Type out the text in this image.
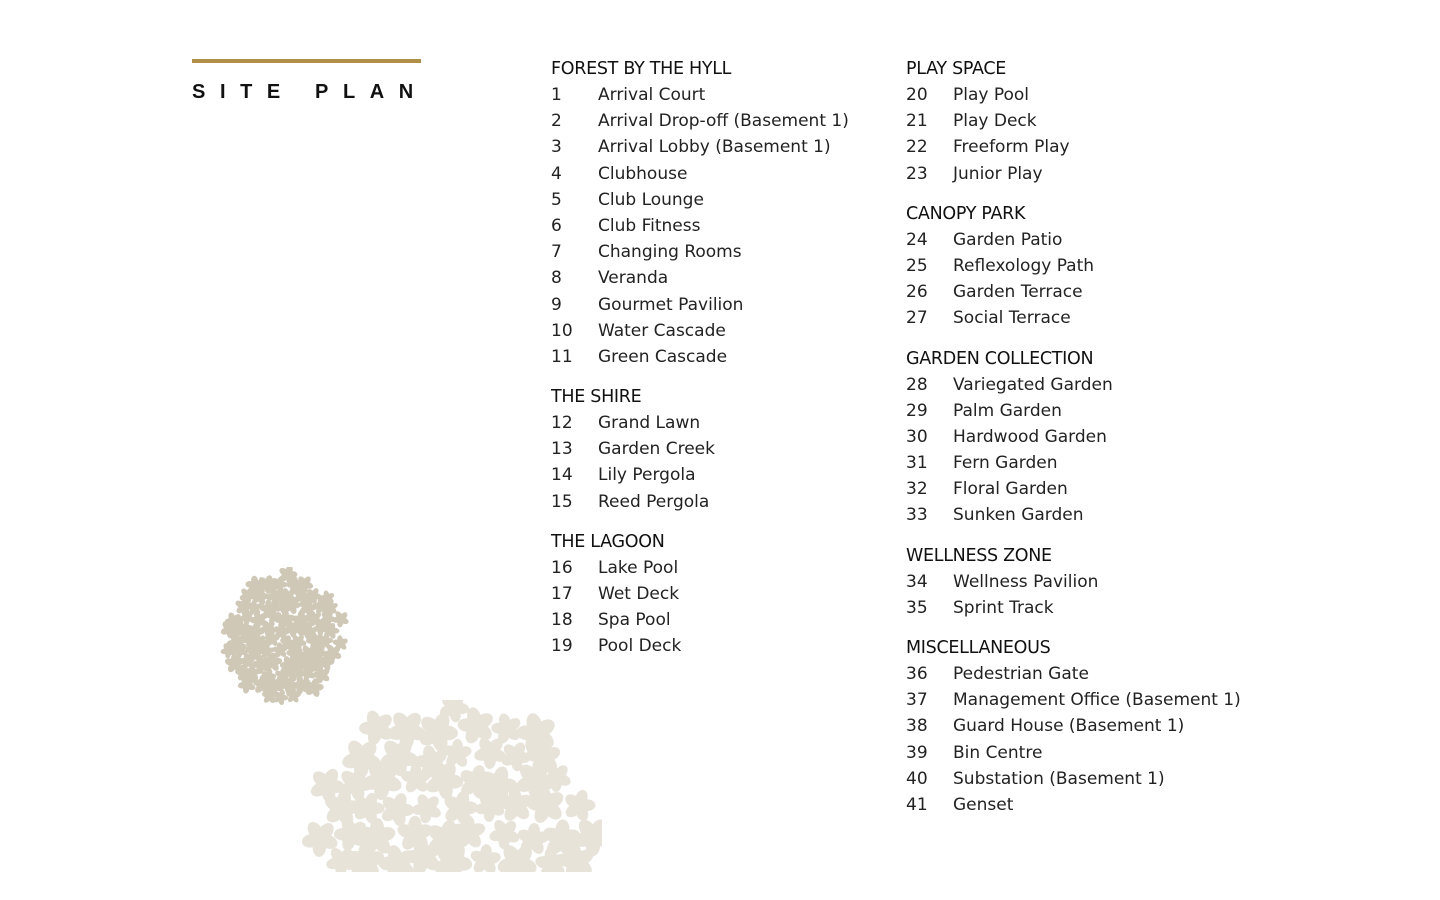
SITE PLAN
FOREST BY THE HYLL
1	Arrival Court
2	Arrival Drop-off (Basement 1)
3	Arrival Lobby (Basement 1)
4	Clubhouse
5	Club Lounge
6	Club Fitness
7	Changing Rooms
8	Veranda
9	Gourmet Pavilion
10	Water Cascade
11	Green Cascade
THE SHIRE
12	Grand Lawn
13	Garden Creek
14	Lily Pergola
15	Reed Pergola
THE LAGOON
16	Lake Pool
17	Wet Deck
18	Spa Pool
19	Pool Deck
PLAY SPACE
20	Play Pool
21	Play Deck
22	Freeform Play
23	Junior Play
CANOPY PARK
24	Garden Patio
25	Reflexology Path
26	Garden Terrace
27	Social Terrace
GARDEN COLLECTION
28	Variegated Garden
29	Palm Garden
30	Hardwood Garden
31	Fern Garden
32	Floral Garden
33	Sunken Garden
WELLNESS ZONE
34	Wellness Pavilion
35	Sprint Track
MISCELLANEOUS
36	Pedestrian Gate
37	Management Office (Basement 1)
38	Guard House (Basement 1)
39	Bin Centre
40	Substation (Basement 1)
41	Genset
